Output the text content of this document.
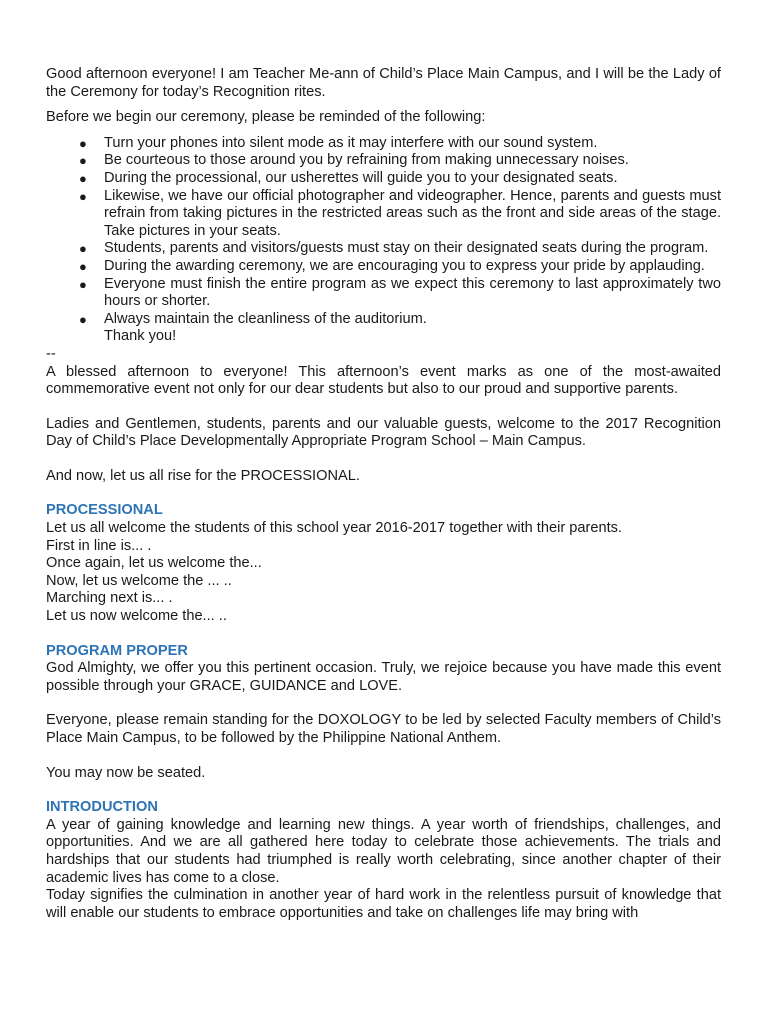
Good afternoon everyone! I am Teacher Me-ann of Child’s Place Main Campus, and I will be the Lady of the Ceremony for today’s Recognition rites.

Before we begin our ceremony, please be reminded of the following:

● Turn your phones into silent mode as it may interfere with our sound system.
● Be courteous to those around you by refraining from making unnecessary noises.
● During the processional, our usherettes will guide you to your designated seats.
● Likewise, we have our official photographer and videographer. Hence, parents and guests must refrain from taking pictures in the restricted areas such as the front and side areas of the stage. Take pictures in your seats.
● Students, parents and visitors/guests must stay on their designated seats during the program.
● During the awarding ceremony, we are encouraging you to express your pride by applauding.
● Everyone must finish the entire program as we expect this ceremony to last approximately two hours or shorter.
● Always maintain the cleanliness of the auditorium.

Thank you!

--

A blessed afternoon to everyone! This afternoon’s event marks as one of the most-awaited commemorative event not only for our dear students but also to our proud and supportive parents.

Ladies and Gentlemen, students, parents and our valuable guests, welcome to the 2017 Recognition Day of Child’s Place Developmentally Appropriate Program School – Main Campus.

And now, let us all rise for the PROCESSIONAL.

PROCESSIONAL

Let us all welcome the students of this school year 2016-2017 together with their parents.
First in line is... .
Once again, let us welcome the...
Now, let us welcome the ... ..
Marching next is... .
Let us now welcome the... ..

PROGRAM PROPER

God Almighty, we offer you this pertinent occasion. Truly, we rejoice because you have made this event possible through your GRACE, GUIDANCE and LOVE.

Everyone, please remain standing for the DOXOLOGY to be led by selected Faculty members of Child’s Place Main Campus, to be followed by the Philippine National Anthem.

You may now be seated.

INTRODUCTION

A year of gaining knowledge and learning new things. A year worth of friendships, challenges, and opportunities. And we are all gathered here today to celebrate those achievements. The trials and hardships that our students had triumphed is really worth celebrating, since another chapter of their academic lives has come to a close.

Today signifies the culmination in another year of hard work in the relentless pursuit of knowledge that will enable our students to embrace opportunities and take on challenges life may bring with
